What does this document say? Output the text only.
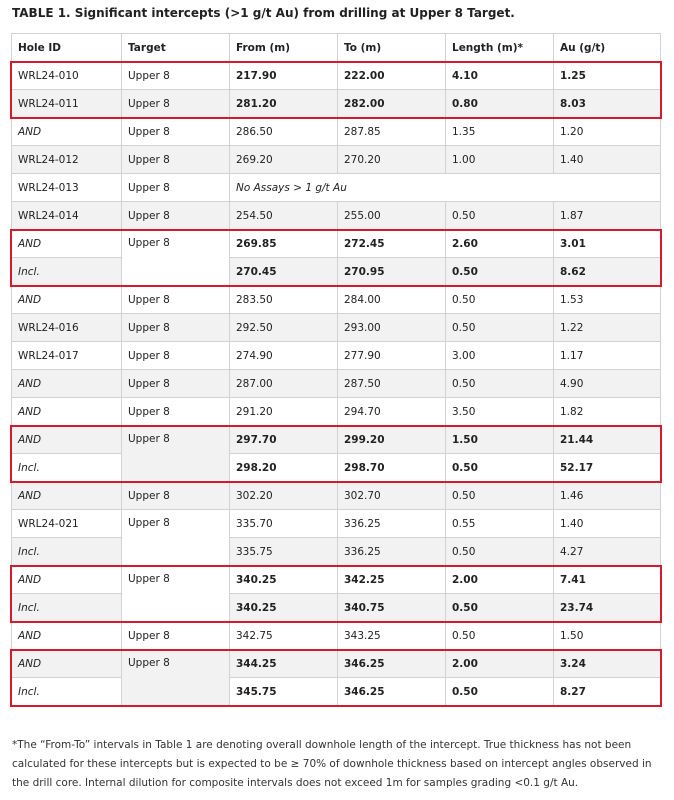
TABLE 1. Significant intercepts (>1 g/t Au) from drilling at Upper 8 Target.
Hole ID	Target	From (m)	To (m)	Length (m)*	Au (g/t)
WRL24-010	Upper 8	217.90	222.00	4.10	1.25
WRL24-011	Upper 8	281.20	282.00	0.80	8.03
AND	Upper 8	286.50	287.85	1.35	1.20
WRL24-012	Upper 8	269.20	270.20	1.00	1.40
WRL24-013	Upper 8	No Assays > 1 g/t Au			
WRL24-014	Upper 8	254.50	255.00	0.50	1.87
AND	Upper 8	269.85	272.45	2.60	3.01
Incl.		270.45	270.95	0.50	8.62
AND	Upper 8	283.50	284.00	0.50	1.53
WRL24-016	Upper 8	292.50	293.00	0.50	1.22
WRL24-017	Upper 8	274.90	277.90	3.00	1.17
AND	Upper 8	287.00	287.50	0.50	4.90
AND	Upper 8	291.20	294.70	3.50	1.82
AND	Upper 8	297.70	299.20	1.50	21.44
Incl.		298.20	298.70	0.50	52.17
AND	Upper 8	302.20	302.70	0.50	1.46
WRL24-021	Upper 8	335.70	336.25	0.55	1.40
Incl.		335.75	336.25	0.50	4.27
AND	Upper 8	340.25	342.25	2.00	7.41
Incl.		340.25	340.75	0.50	23.74
AND	Upper 8	342.75	343.25	0.50	1.50
AND	Upper 8	344.25	346.25	2.00	3.24
Incl.		345.75	346.25	0.50	8.27
*The “From-To” intervals in Table 1 are denoting overall downhole length of the intercept. True thickness has not been calculated for these intercepts but is expected to be ≥ 70% of downhole thickness based on intercept angles observed in the drill core. Internal dilution for composite intervals does not exceed 1m for samples grading <0.1 g/t Au.
